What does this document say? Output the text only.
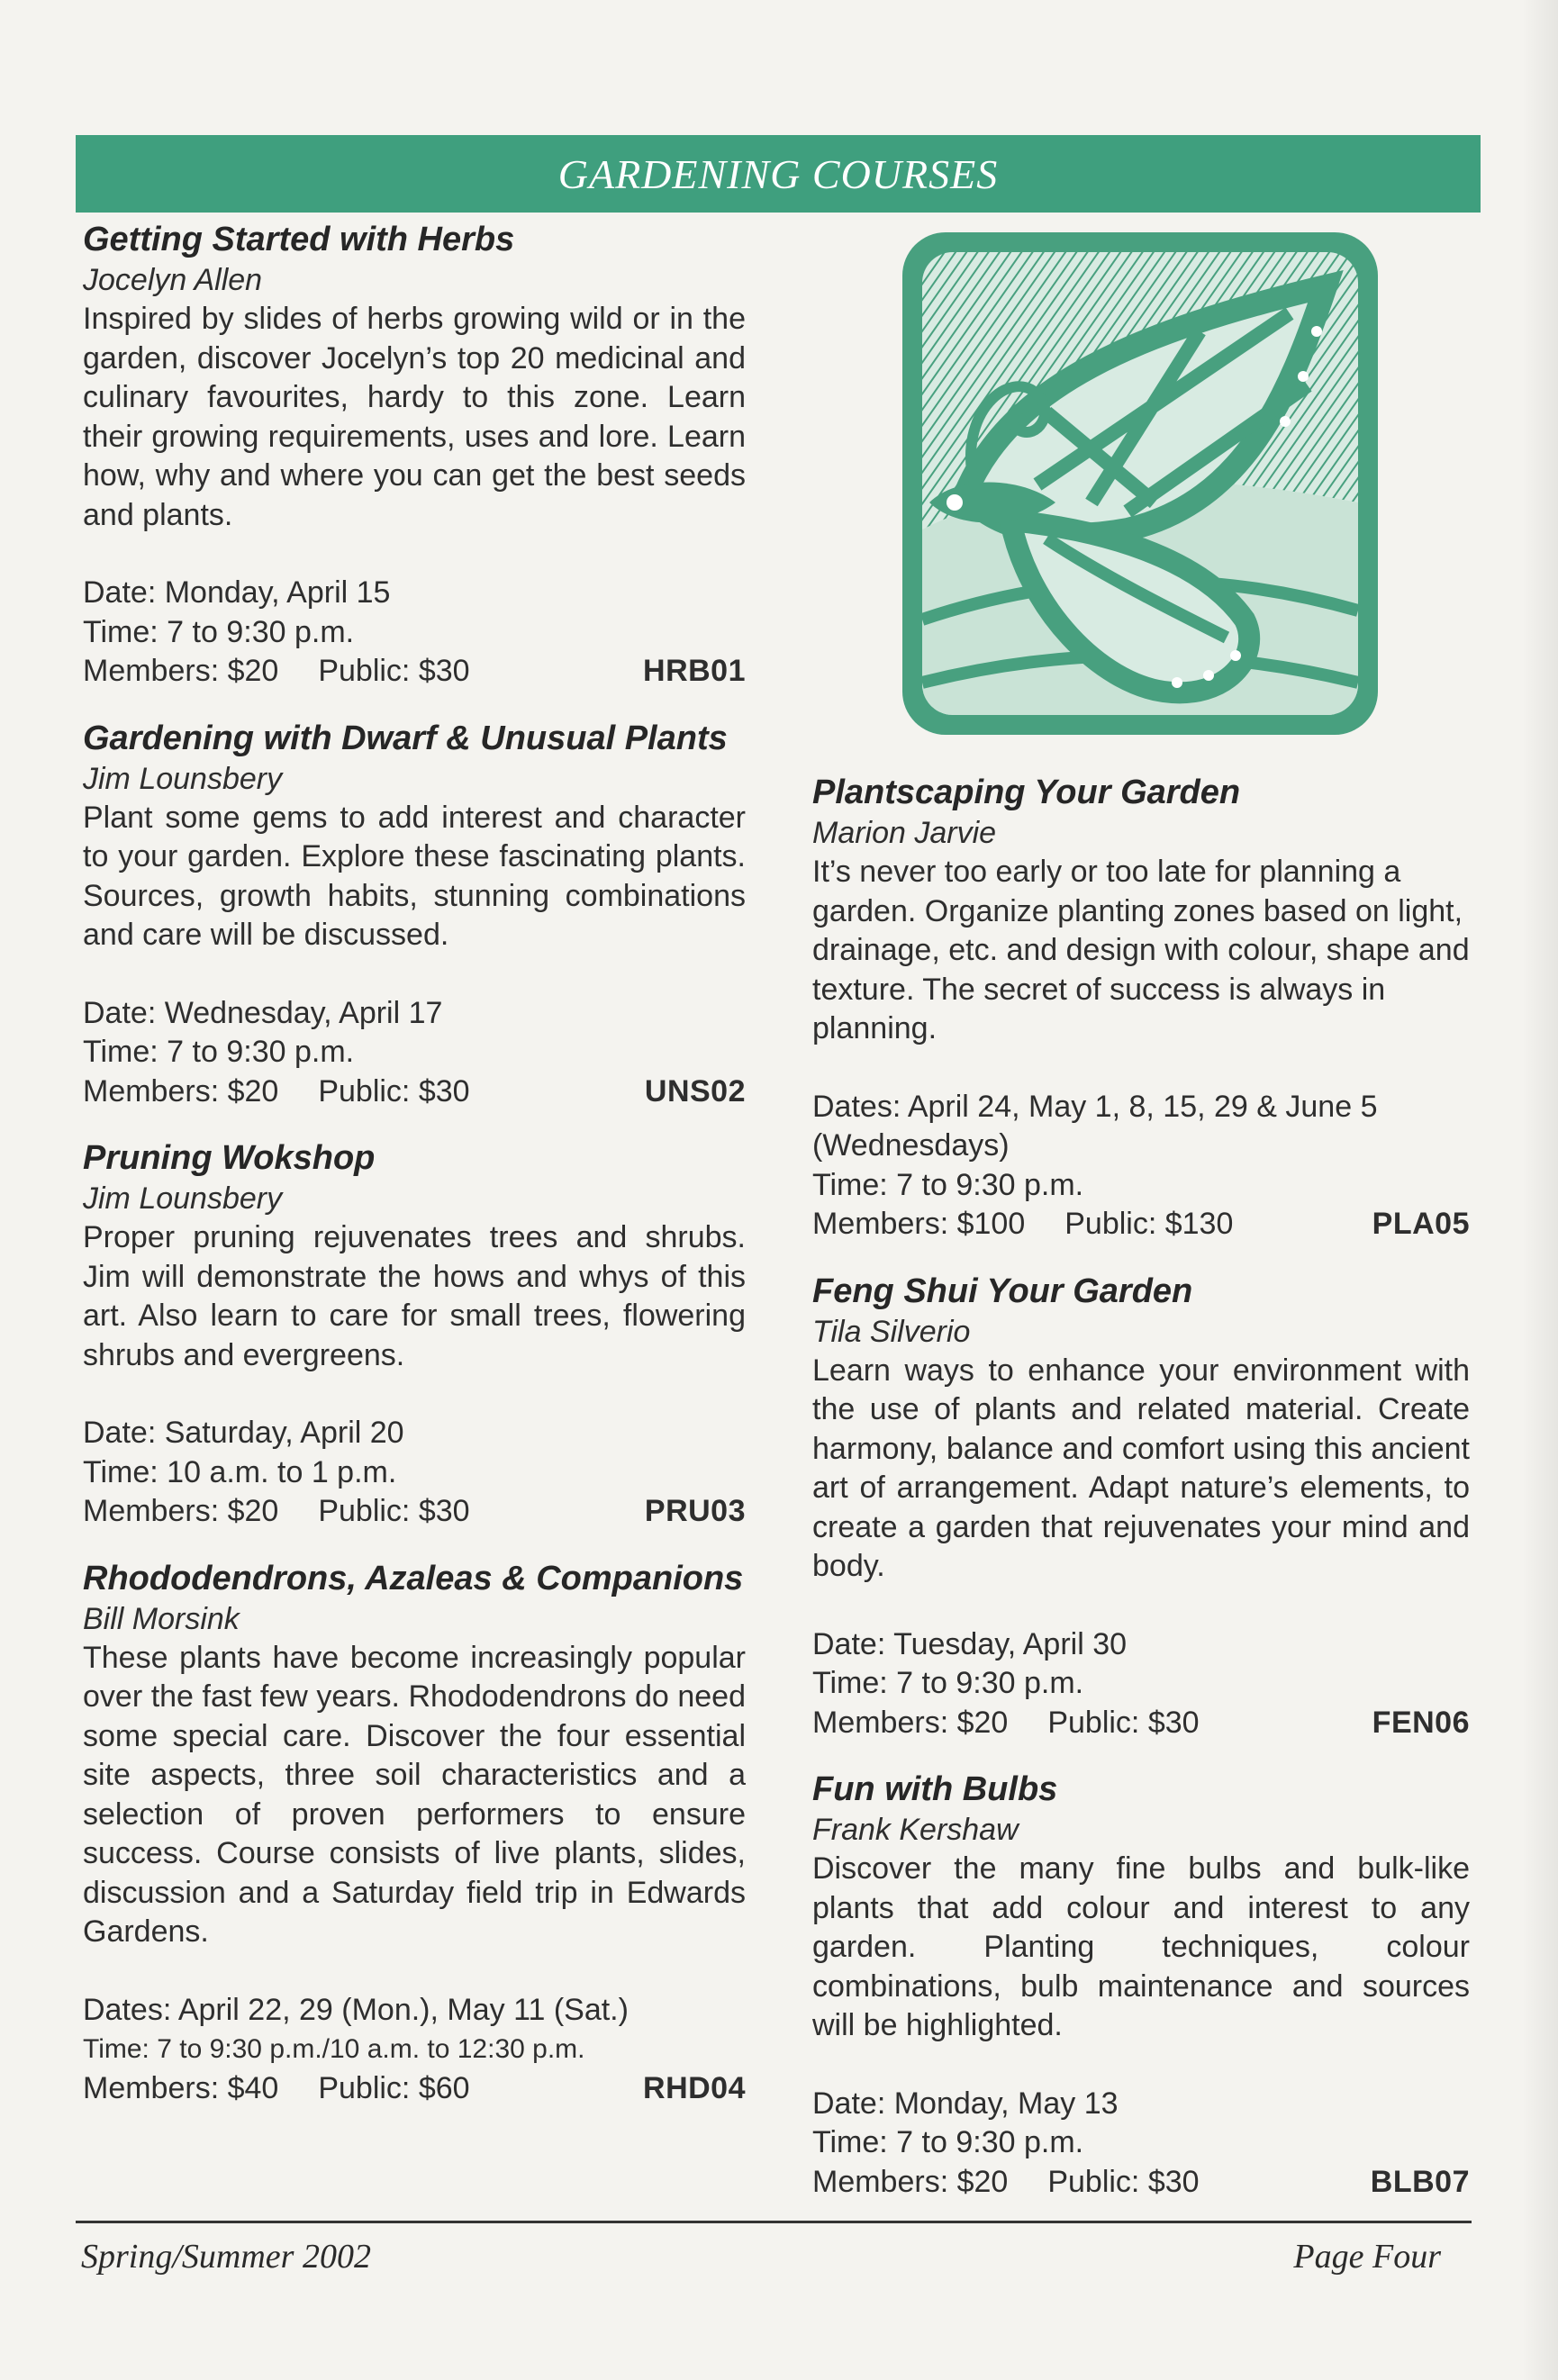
GARDENING COURSES

Getting Started with Herbs

Jocelyn Allen

Inspired by slides of herbs growing wild or in the garden, discover Jocelyn’s top 20 medicinal and culinary favourites, hardy to this zone. Learn their growing requirements, uses and lore. Learn how, why and where you can get the best seeds and plants.

Date: Monday, April 15

Time: 7 to 9:30 p.m.

Members: $20 Public: $30	HRB01

Gardening with Dwarf & Unusual Plants

Jim Lounsbery

Plant some gems to add interest and character to your garden. Explore these fascinating plants. Sources, growth habits, stunning combinations and care will be discussed.

Date: Wednesday, April 17

Time: 7 to 9:30 p.m.

Members: $20 Public: $30	UNS02

Pruning Wokshop

Jim Lounsbery

Proper pruning rejuvenates trees and shrubs. Jim will demonstrate the hows and whys of this art. Also learn to care for small trees, flowering shrubs and evergreens.

Date: Saturday, April 20

Time: 10 a.m. to 1 p.m.

Members: $20 Public: $30	PRU03

Rhododendrons, Azaleas & Companions

Bill Morsink

These plants have become increasingly popular over the fast few years. Rhododendrons do need some special care. Discover the four essential site aspects, three soil characteristics and a selection of proven performers to ensure success. Course consists of live plants, slides, discussion and a Saturday field trip in Edwards Gardens.

Dates: April 22, 29 (Mon.), May 11 (Sat.)

Time: 7 to 9:30 p.m./10 a.m. to 12:30 p.m.

Members: $40 Public: $60	RHD04

Plantscaping Your Garden

Marion Jarvie

It’s never too early or too late for planning a garden. Organize planting zones based on light, drainage, etc. and design with colour, shape and texture. The secret of success is always in planning.

Dates: April 24, May 1, 8, 15, 29 & June 5 (Wednesdays)

Time: 7 to 9:30 p.m.

Members: $100 Public: $130	PLA05

Feng Shui Your Garden

Tila Silverio

Learn ways to enhance your environment with the use of plants and related material. Create harmony, balance and comfort using this ancient art of arrangement. Adapt nature’s elements, to create a garden that rejuvenates your mind and body.

Date: Tuesday, April 30

Time: 7 to 9:30 p.m.

Members: $20 Public: $30	FEN06

Fun with Bulbs

Frank Kershaw

Discover the many fine bulbs and bulk-like plants that add colour and interest to any garden. Planting techniques, colour combinations, bulb maintenance and sources will be highlighted.

Date: Monday, May 13

Time: 7 to 9:30 p.m.

Members: $20 Public: $30	BLB07
Spring/Summer 2002	Page Four
